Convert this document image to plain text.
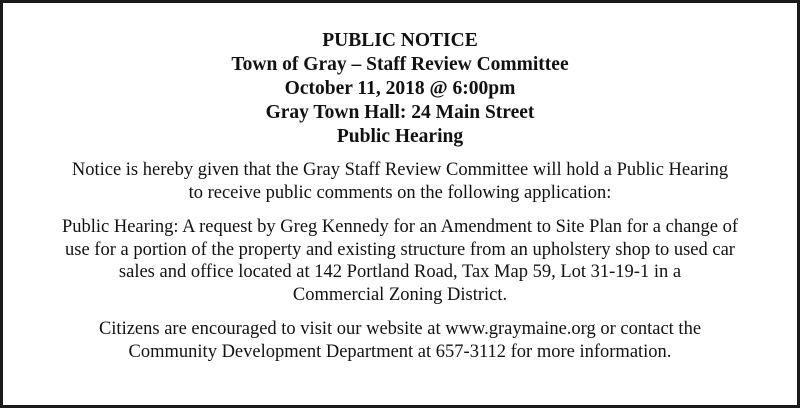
PUBLIC NOTICE
Town of Gray – Staff Review Committee
October 11, 2018 @ 6:00pm
Gray Town Hall: 24 Main Street
Public Hearing
Notice is hereby given that the Gray Staff Review Committee will hold a Public Hearing
to receive public comments on the following application:
Public Hearing: A request by Greg Kennedy for an Amendment to Site Plan for a change of
use for a portion of the property and existing structure from an upholstery shop to used car
sales and office located at 142 Portland Road, Tax Map 59, Lot 31-19-1 in a
Commercial Zoning District.
Citizens are encouraged to visit our website at www.graymaine.org or contact the
Community Development Department at 657-3112 for more information.
